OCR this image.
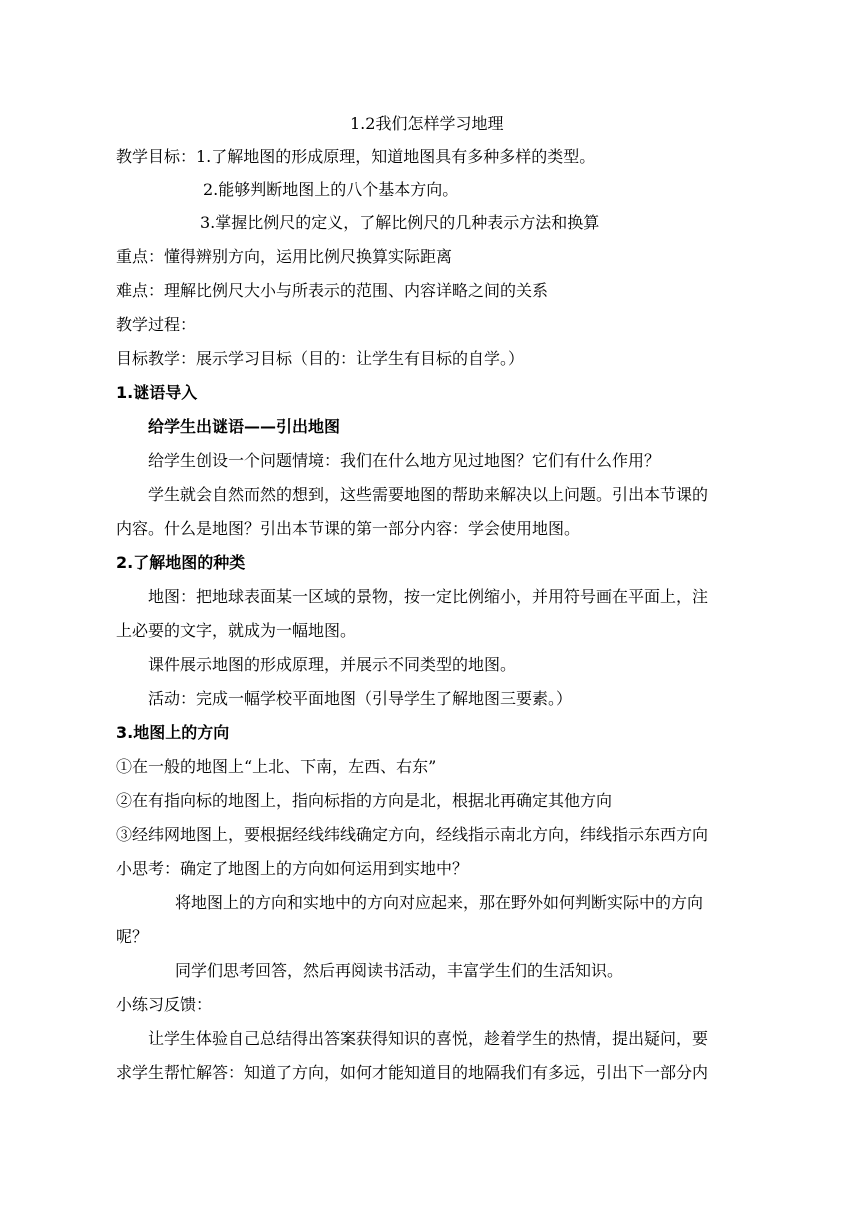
1.2我们怎样学习地理
教学目标：1.了解地图的形成原理，知道地图具有多种多样的类型。
2.能够判断地图上的八个基本方向。
3.掌握比例尺的定义，了解比例尺的几种表示方法和换算
重点：懂得辨别方向，运用比例尺换算实际距离
难点：理解比例尺大小与所表示的范围、内容详略之间的关系
教学过程：
目标教学：展示学习目标（目的：让学生有目标的自学。）
1.谜语导入
给学生出谜语——引出地图
给学生创设一个问题情境：我们在什么地方见过地图？它们有什么作用？
学生就会自然而然的想到，这些需要地图的帮助来解决以上问题。引出本节课的
内容。什么是地图？引出本节课的第一部分内容：学会使用地图。
2.了解地图的种类
地图：把地球表面某一区域的景物，按一定比例缩小，并用符号画在平面上，注
上必要的文字，就成为一幅地图。
课件展示地图的形成原理，并展示不同类型的地图。
活动：完成一幅学校平面地图（引导学生了解地图三要素。）
3.地图上的方向
①在一般的地图上“上北、下南，左西、右东”
②在有指向标的地图上，指向标指的方向是北，根据北再确定其他方向
③经纬网地图上，要根据经线纬线确定方向，经线指示南北方向，纬线指示东西方向
小思考：确定了地图上的方向如何运用到实地中？
将地图上的方向和实地中的方向对应起来，那在野外如何判断实际中的方向
呢？
同学们思考回答，然后再阅读书活动，丰富学生们的生活知识。
小练习反馈：
让学生体验自己总结得出答案获得知识的喜悦，趁着学生的热情，提出疑问，要
求学生帮忙解答：知道了方向，如何才能知道目的地隔我们有多远，引出下一部分内
